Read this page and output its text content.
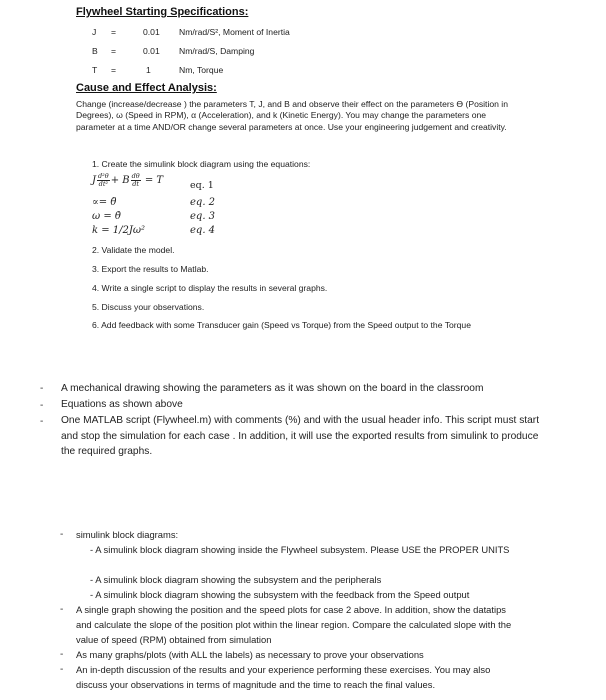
Flywheel Starting Specifications:
J =	0.01 Nm/rad/S², Moment of Inertia
B =	0.01 Nm/rad/S, Damping
T =	1	Nm, Torque
Cause and Effect Analysis:
Change (increase/decrease ) the parameters T, J, and B and observe their effect on the parameters ϴ (Position in Degrees), ω (Speed in RPM), α (Acceleration), and k (Kinetic Energy). You may change the parameters one parameter at a time AND/OR change several parameters at once. Use your engineering judgement and creativity.
1. Create the simulink block diagram using the equations:
J $\frac{\text{d²θ}}{\text{dt²}} + B \frac{d\theta}{dt} = T$	eq. 1
∝= θ̈	eq. 2
ω = θ̇	eq. 3
k = 1/2Jω²	eq. 4
2. Validate the model.
3. Export the results to Matlab.
4. Write a single script to display the results in several graphs.
5. Discuss your observations.
6. Add feedback with some Transducer gain (Speed vs Torque) from the Speed output to the Torque
- A mechanical drawing showing the parameters as it was shown on the board in the classroom
- Equations as shown above
- One MATLAB script (Flywheel.m) with comments (%) and with the usual header info. This script must start and stop the simulation for each case . In addition, it will use the exported results from simulink to produce the required graphs.
- simulink block diagrams:
- A simulink block diagram showing inside the Flywheel subsystem. Please USE the PROPER UNITS
- A simulink block diagram showing the subsystem and the peripherals
- A simulink block diagram showing the subsystem with the feedback from the Speed output
- A single graph showing the position and the speed plots for case 2 above. In addition, show the datatips and calculate the slope of the position plot within the linear region. Compare the calculated slope with the value of speed (RPM) obtained from simulation
- As many graphs/plots (with ALL the labels) as necessary to prove your observations
- An in-depth discussion of the results and your experience performing these exercises. You may also discuss your observations in terms of magnitude and the time to reach the final values.
